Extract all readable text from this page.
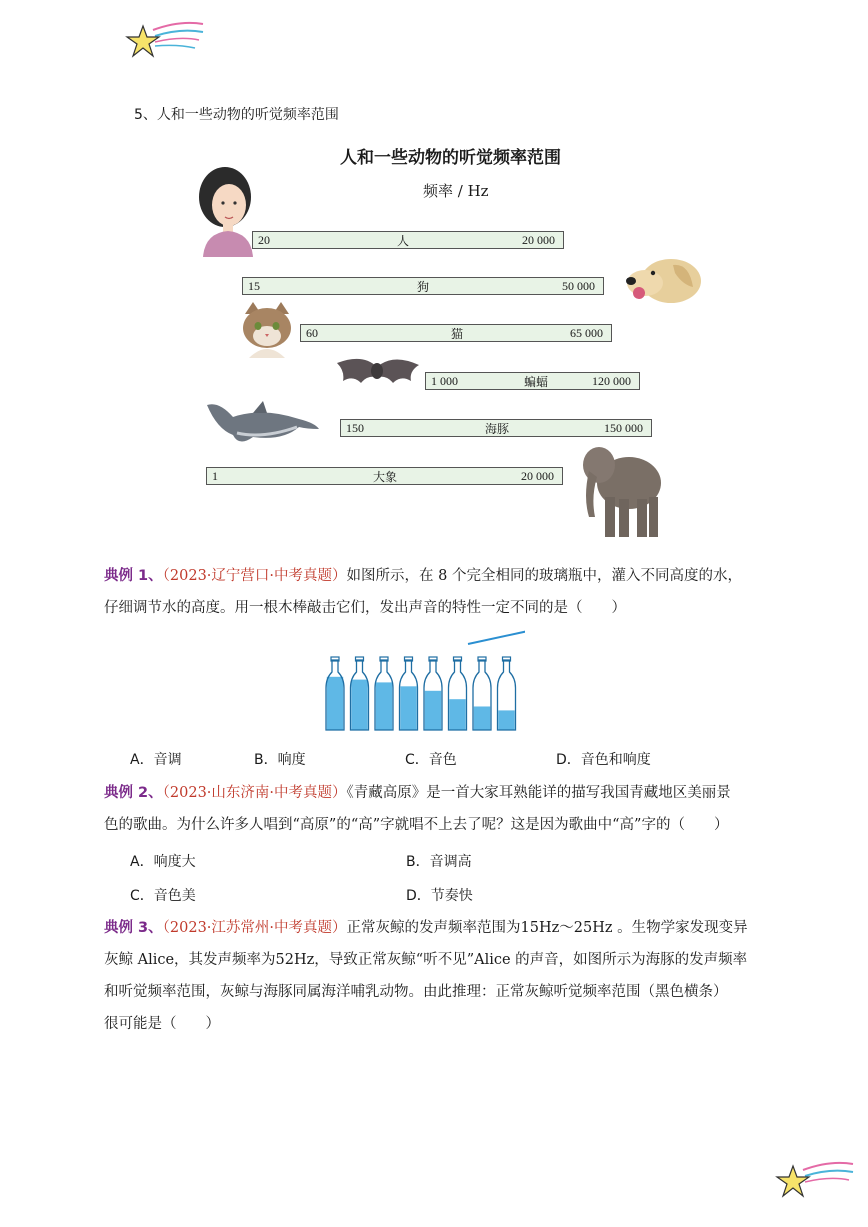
5、人和一些动物的听觉频率范围
人和一些动物的听觉频率范围
频率 / Hz
20	人	20 000
15	狗	50 000
60	猫	65 000
1 000	蝙蝠	120 000
150	海豚	150 000
1	大象	20 000
典例 1、（2023·辽宁营口·中考真题）如图所示，在 8 个完全相同的玻璃瓶中，灌入不同高度的水，
仔细调节水的高度。用一根木棒敲击它们，发出声音的特性一定不同的是（　　）
A．音调	B．响度	C．音色	D．音色和响度
典例 2、（2023·山东济南·中考真题）《青藏高原》是一首大家耳熟能详的描写我国青藏地区美丽景
色的歌曲。为什么许多人唱到“高原”的“高”字就唱不上去了呢？这是因为歌曲中“高”字的（　　）
A．响度大	B．音调高
C．音色美	D．节奏快
典例 3、（2023·江苏常州·中考真题）正常灰鲸的发声频率范围为15Hz～25Hz 。生物学家发现变异
灰鲸 Alice，其发声频率为52Hz，导致正常灰鲸“听不见”Alice 的声音，如图所示为海豚的发声频率
和听觉频率范围，灰鲸与海豚同属海洋哺乳动物。由此推理：正常灰鲸听觉频率范围（黑色横条）
很可能是（　　）
